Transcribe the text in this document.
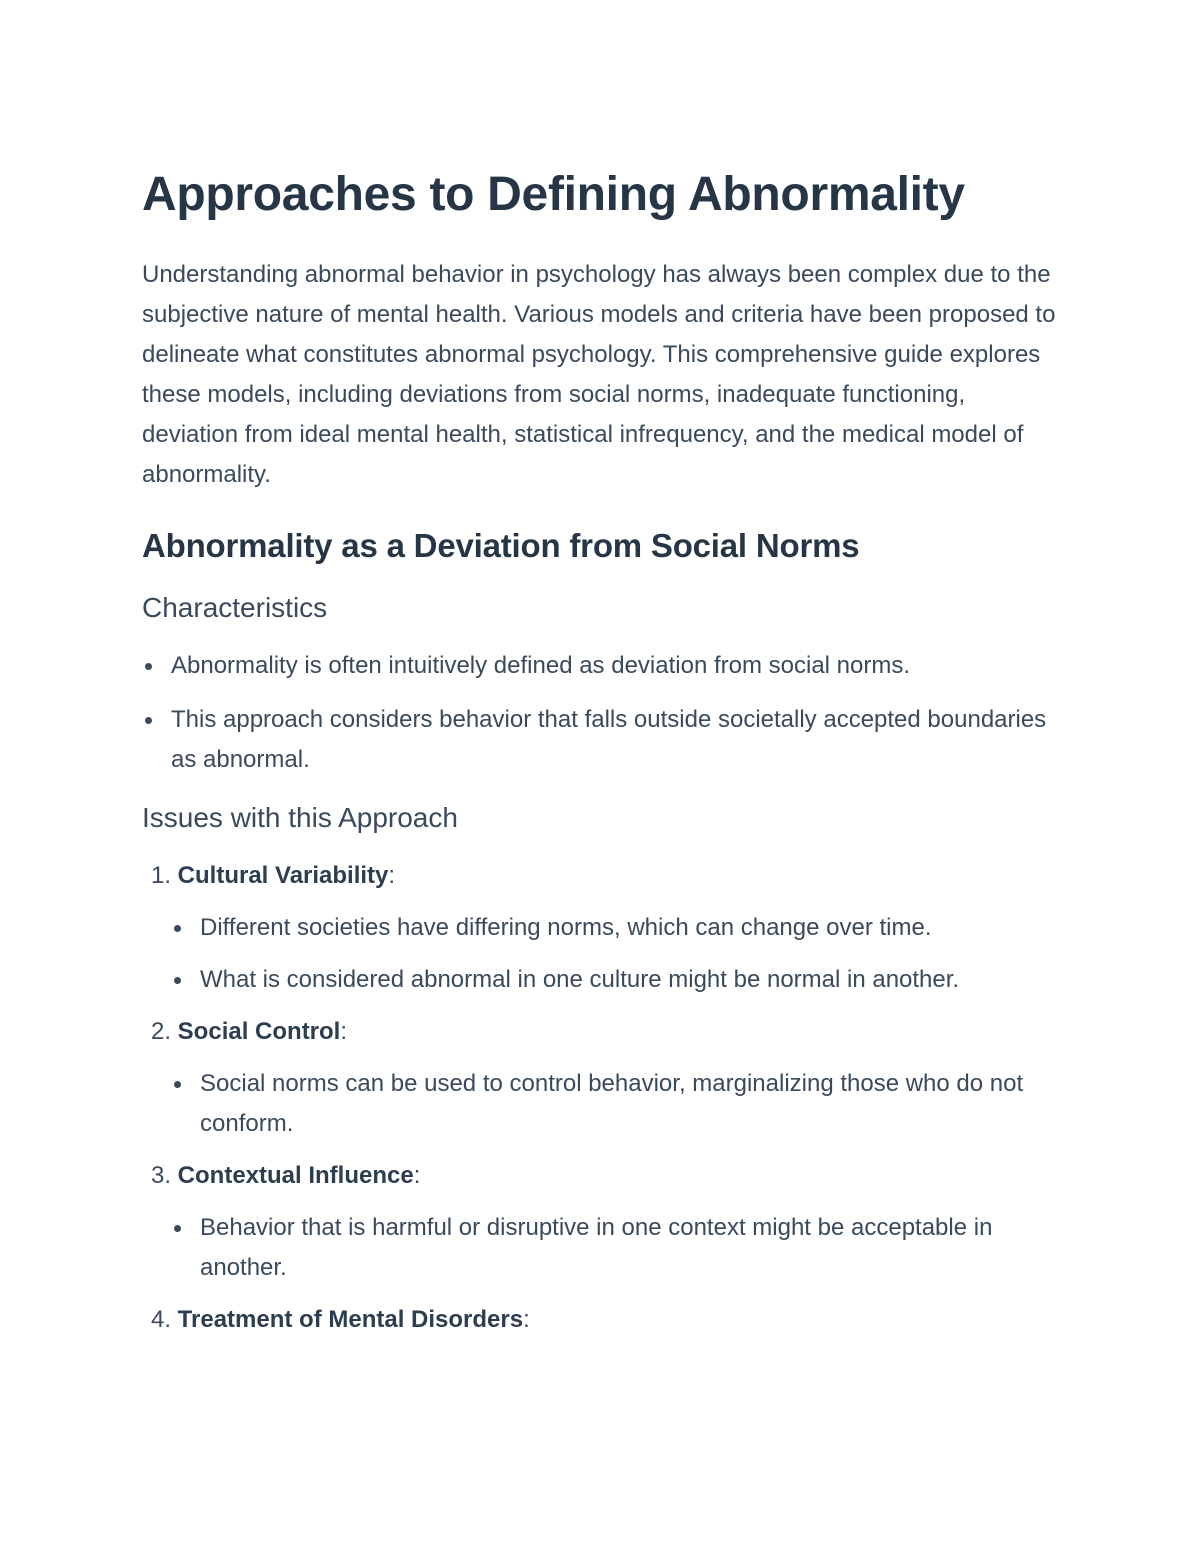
Approaches to Defining Abnormality

Understanding abnormal behavior in psychology has always been complex due to the subjective nature of mental health. Various models and criteria have been proposed to delineate what constitutes abnormal psychology. This comprehensive guide explores these models, including deviations from social norms, inadequate functioning, deviation from ideal mental health, statistical infrequency, and the medical model of abnormality.

Abnormality as a Deviation from Social Norms
Characteristics
Abnormality is often intuitively defined as deviation from social norms.
This approach considers behavior that falls outside societally accepted boundaries as abnormal.
Issues with this Approach
1. Cultural Variability:
Different societies have differing norms, which can change over time.
What is considered abnormal in one culture might be normal in another.
2. Social Control:
Social norms can be used to control behavior, marginalizing those who do not conform.
3. Contextual Influence:
Behavior that is harmful or disruptive in one context might be acceptable in another.
4. Treatment of Mental Disorders:
